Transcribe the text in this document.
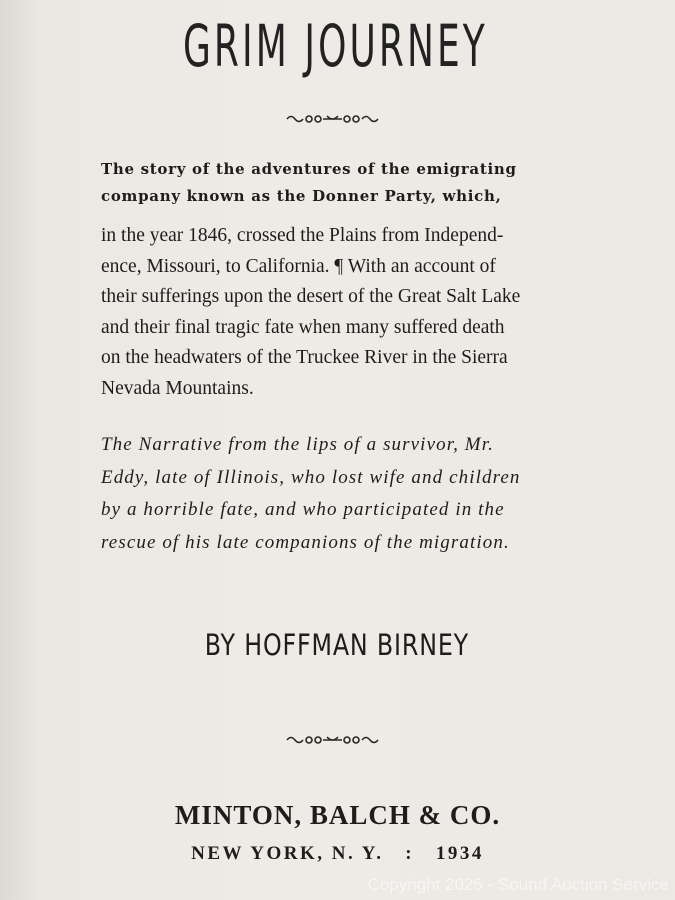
GRIM JOURNEY
The story of the adventures of the emigrating
company known as the Donner Party, which,
in the year 1846, crossed the Plains from Independ-
ence, Missouri, to California. ¶ With an account of
their sufferings upon the desert of the Great Salt Lake
and their final tragic fate when many suffered death
on the headwaters of the Truckee River in the Sierra
Nevada Mountains.
The Narrative from the lips of a survivor, Mr.
Eddy, late of Illinois, who lost wife and children
by a horrible fate, and who participated in the
rescue of his late companions of the migration.
BY HOFFMAN BIRNEY
MINTON, BALCH & CO.
NEW YORK, N. Y.   :   1934
Copyright 2025 - Sound Auction Service
